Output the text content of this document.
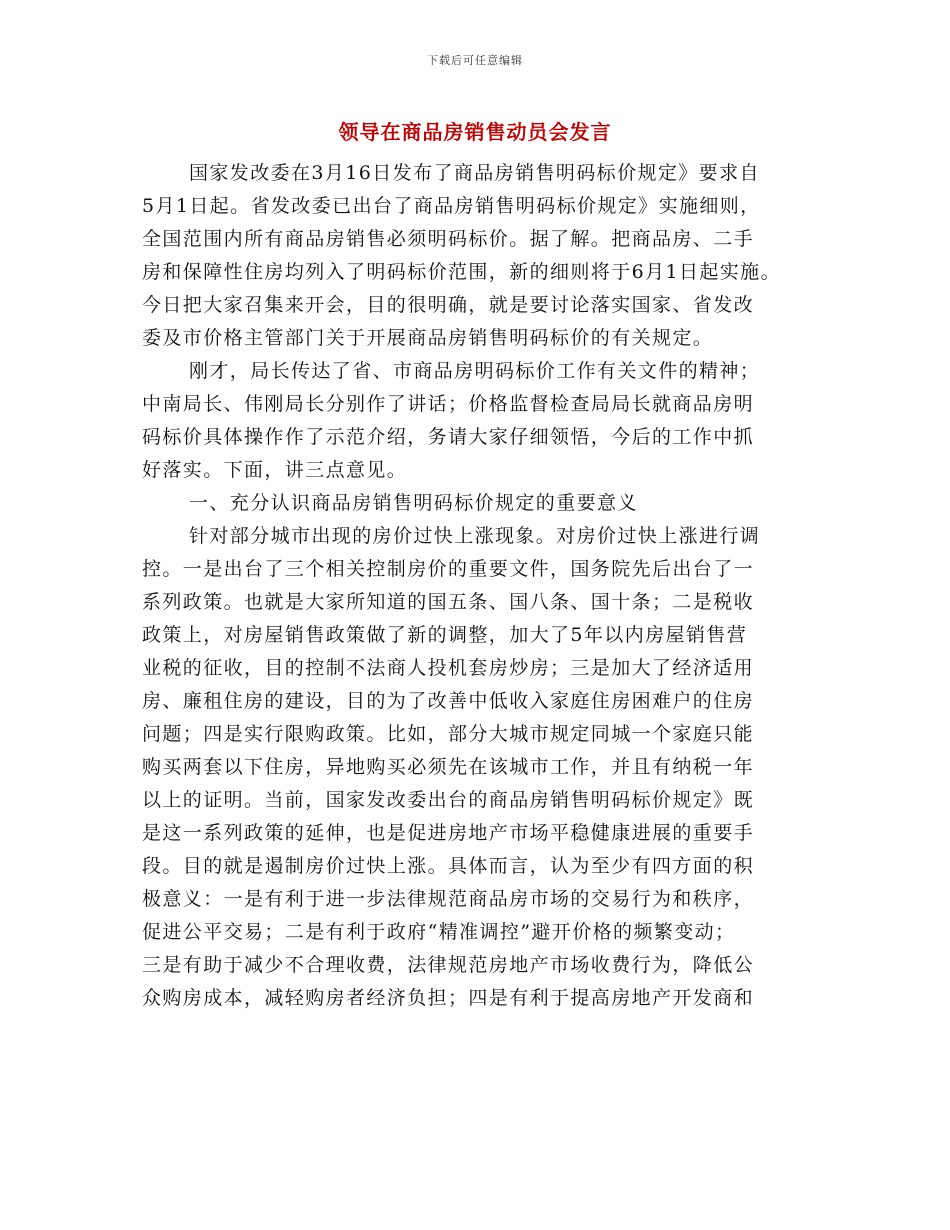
下载后可任意编辑
领导在商品房销售动员会发言
国家发改委在3月16日发布了商品房销售明码标价规定》要求自
5月1日起。省发改委已出台了商品房销售明码标价规定》实施细则，
全国范围内所有商品房销售必须明码标价。据了解。把商品房、二手
房和保障性住房均列入了明码标价范围，新的细则将于6月1日起实施。
今日把大家召集来开会，目的很明确，就是要讨论落实国家、省发改
委及市价格主管部门关于开展商品房销售明码标价的有关规定。
刚才，局长传达了省、市商品房明码标价工作有关文件的精神；
中南局长、伟刚局长分别作了讲话；价格监督检查局局长就商品房明
码标价具体操作作了示范介绍，务请大家仔细领悟，今后的工作中抓
好落实。下面，讲三点意见。
一、充分认识商品房销售明码标价规定的重要意义
针对部分城市出现的房价过快上涨现象。对房价过快上涨进行调
控。一是出台了三个相关控制房价的重要文件，国务院先后出台了一
系列政策。也就是大家所知道的国五条、国八条、国十条；二是税收
政策上，对房屋销售政策做了新的调整，加大了5年以内房屋销售营
业税的征收，目的控制不法商人投机套房炒房；三是加大了经济适用
房、廉租住房的建设，目的为了改善中低收入家庭住房困难户的住房
问题；四是实行限购政策。比如，部分大城市规定同城一个家庭只能
购买两套以下住房，异地购买必须先在该城市工作，并且有纳税一年
以上的证明。当前，国家发改委出台的商品房销售明码标价规定》既
是这一系列政策的延伸，也是促进房地产市场平稳健康进展的重要手
段。目的就是遏制房价过快上涨。具体而言，认为至少有四方面的积
极意义：一是有利于进一步法律规范商品房市场的交易行为和秩序，
促进公平交易；二是有利于政府“精准调控”避开价格的频繁变动；
三是有助于减少不合理收费，法律规范房地产市场收费行为，降低公
众购房成本，减轻购房者经济负担；四是有利于提高房地产开发商和
